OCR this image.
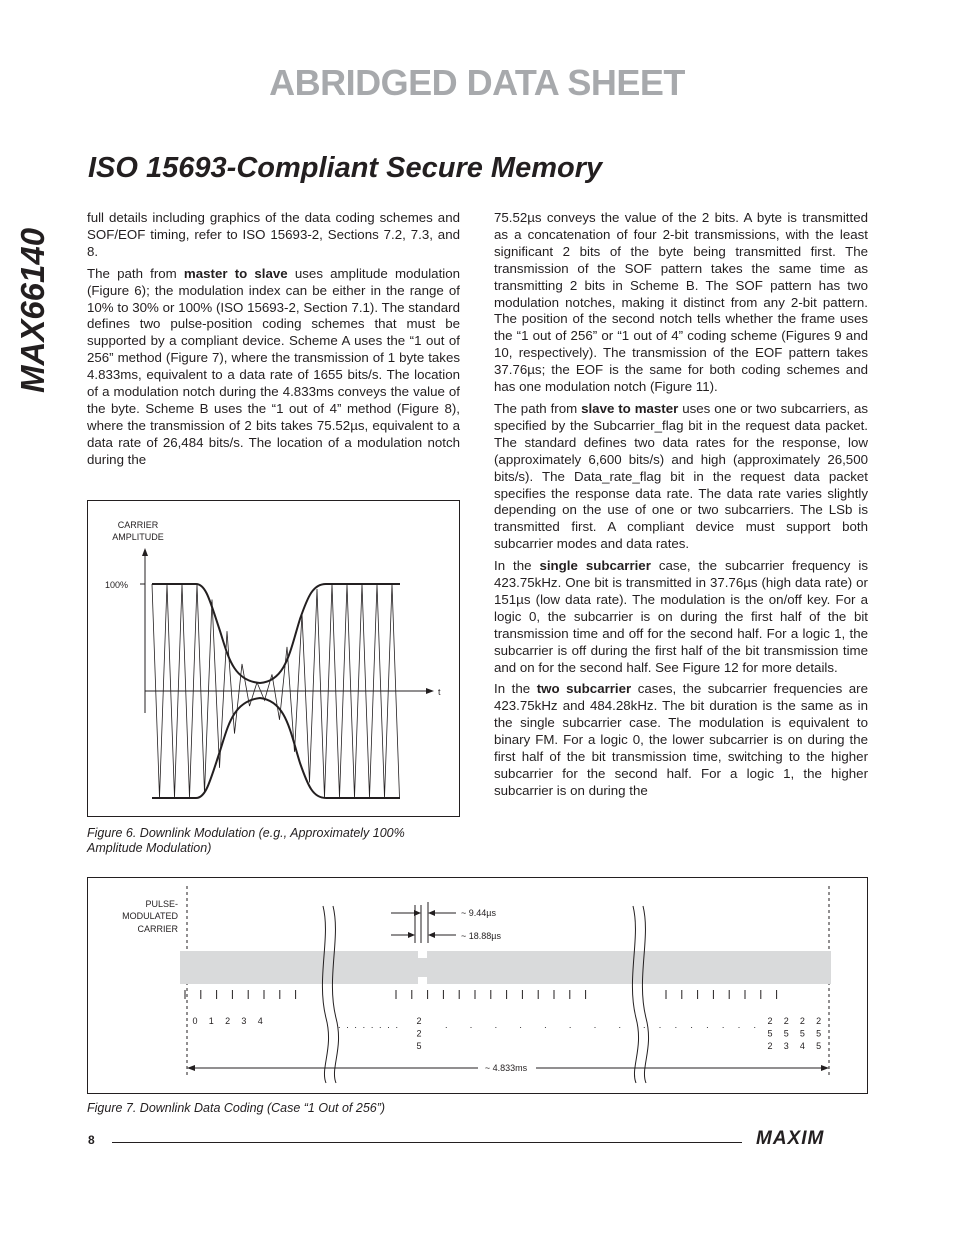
ABRIDGED DATA SHEET
ISO 15693-Compliant Secure Memory
MAX66140

full details including graphics of the data coding schemes and SOF/EOF timing, refer to ISO 15693-2, Sections 7.2, 7.3, and 8.

The path from master to slave uses amplitude modulation (Figure 6); the modulation index can be either in the range of 10% to 30% or 100% (ISO 15693-2, Section 7.1). The standard defines two pulse-position coding schemes that must be supported by a compliant device. Scheme A uses the “1 out of 256” method (Figure 7), where the transmission of 1 byte takes 4.833ms, equivalent to a data rate of 1655 bits/s. The location of a modulation notch during the 4.833ms conveys the value of the byte. Scheme B uses the “1 out of 4” method (Figure 8), where the transmission of 2 bits takes 75.52µs, equivalent to a data rate of 26,484 bits/s. The location of a modulation notch during the

75.52µs conveys the value of the 2 bits. A byte is transmitted as a concatenation of four 2-bit transmissions, with the least significant 2 bits of the byte being transmitted first. The transmission of the SOF pattern takes the same time as transmitting 2 bits in Scheme B. The SOF pattern has two modulation notches, making it distinct from any 2-bit pattern. The position of the second notch tells whether the frame uses the “1 out of 256” or “1 out of 4” coding scheme (Figures 9 and 10, respectively). The transmission of the EOF pattern takes 37.76µs; the EOF is the same for both coding schemes and has one modulation notch (Figure 11).

The path from slave to master uses one or two subcarriers, as specified by the Subcarrier_flag bit in the request data packet. The standard defines two data rates for the response, low (approximately 6,600 bits/s) and high (approximately 26,500 bits/s). The Data_rate_flag bit in the request data packet specifies the response data rate. The data rate varies slightly depending on the use of one or two subcarriers. The LSb is transmitted first. A compliant device must support both subcarrier modes and data rates.

In the single subcarrier case, the subcarrier frequency is 423.75kHz. One bit is transmitted in 37.76µs (high data rate) or 151µs (low data rate). The modulation is the on/off key. For a logic 0, the subcarrier is on during the first half of the bit transmission time and off for the second half. For a logic 1, the subcarrier is off during the first half of the bit transmission time and on for the second half. See Figure 12 for more details.

In the two subcarrier cases, the subcarrier frequencies are 423.75kHz and 484.28kHz. The bit duration is the same as in the single subcarrier case. The modulation is equivalent to binary FM. For a logic 0, the lower subcarrier is on during the first half of the bit transmission time, switching to the higher subcarrier for the second half. For a logic 1, the higher subcarrier is on during the

CARRIER
AMPLITUDE
100%
t
Figure 6. Downlink Modulation (e.g., Approximately 100%
Amplitude Modulation)
PULSE-
MODULATED
CARRIER
~ 9.44µs
~ 18.88µs
0 1 2 3 4	2
2
5
2
5
2
2
5
3
2
5
4
2
5
5
. . . . . . . .	. . . . . . . . . . . . . . . .
~ 4.833ms
Figure 7. Downlink Data Coding (Case “1 Out of 256”)
8	MAXIM
